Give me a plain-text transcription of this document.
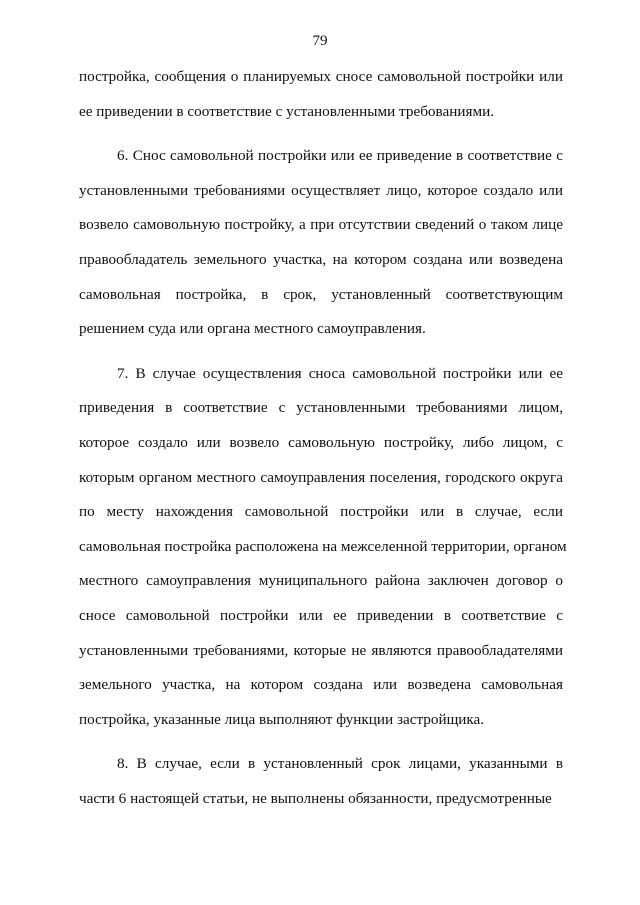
79
постройка, сообщения о планируемых сносе самовольной постройки или
ее приведении в соответствие с установленными требованиями.
6. Снос самовольной постройки или ее приведение в соответствие с
установленными требованиями осуществляет лицо, которое создало или
возвело самовольную постройку, а при отсутствии сведений о таком лице
правообладатель земельного участка, на котором создана или возведена
самовольная постройка, в срок, установленный соответствующим
решением суда или органа местного самоуправления.
7. В случае осуществления сноса самовольной постройки или ее
приведения в соответствие с установленными требованиями лицом,
которое создало или возвело самовольную постройку, либо лицом, с
которым органом местного самоуправления поселения, городского округа
по месту нахождения самовольной постройки или в случае, если
самовольная постройка расположена на межселенной территории, органом
местного самоуправления муниципального района заключен договор о
сносе самовольной постройки или ее приведении в соответствие с
установленными требованиями, которые не являются правообладателями
земельного участка, на котором создана или возведена самовольная
постройка, указанные лица выполняют функции застройщика.
8. В случае, если в установленный срок лицами, указанными в
части 6 настоящей статьи, не выполнены обязанности, предусмотренные
